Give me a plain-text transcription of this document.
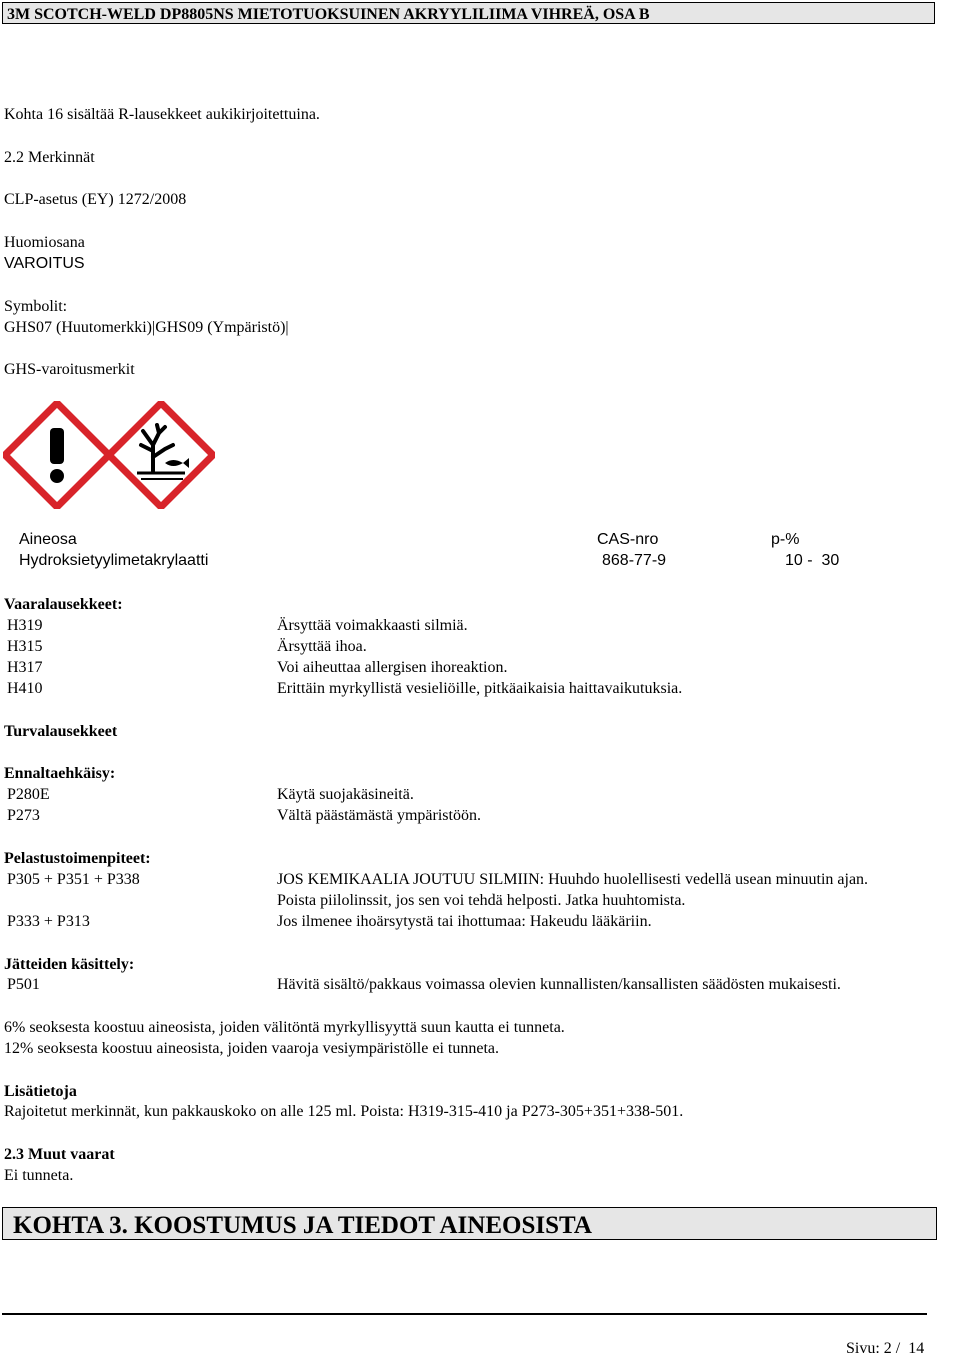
3M SCOTCH-WELD DP8805NS MIETOTUOKSUINEN AKRYYLILIIMA VIHREÄ, OSA B
Kohta 16 sisältää R-lausekkeet aukikirjoitettuina.
2.2 Merkinnät
CLP-asetus (EY) 1272/2008
Huomiosana
VAROITUS
Symbolit:
GHS07 (Huutomerkki)|GHS09 (Ympäristö)|
GHS-varoitusmerkit
Aineosa	CAS-nro	p-%
Hydroksietyylimetakrylaatti	868-77-9	10 -  30
Vaaralausekkeet:
H319	Ärsyttää voimakkaasti silmiä.
H315	Ärsyttää ihoa.
H317	Voi aiheuttaa allergisen ihoreaktion.
H410	Erittäin myrkyllistä vesieliöille, pitkäaikaisia haittavaikutuksia.
Turvalausekkeet
Ennaltaehkäisy:
P280E	Käytä suojakäsineitä.
P273	Vältä päästämästä ympäristöön.
Pelastustoimenpiteet:
P305 + P351 + P338	JOS KEMIKAALIA JOUTUU SILMIIN: Huuhdo huolellisesti vedellä usean minuutin ajan.
Poista piilolinssit, jos sen voi tehdä helposti. Jatka huuhtomista.
P333 + P313	Jos ilmenee ihoärsytystä tai ihottumaa: Hakeudu lääkäriin.
Jätteiden käsittely:
P501	Hävitä sisältö/pakkaus voimassa olevien kunnallisten/kansallisten säädösten mukaisesti.
6% seoksesta koostuu aineosista, joiden välitöntä myrkyllisyyttä suun kautta ei tunneta.
12% seoksesta koostuu aineosista, joiden vaaroja vesiympäristölle ei tunneta.
Lisätietoja
Rajoitetut merkinnät, kun pakkauskoko on alle 125 ml. Poista: H319-315-410 ja P273-305+351+338-501.
2.3 Muut vaarat
Ei tunneta.
KOHTA 3. KOOSTUMUS JA TIEDOT AINEOSISTA
Sivu: 2 /  14
